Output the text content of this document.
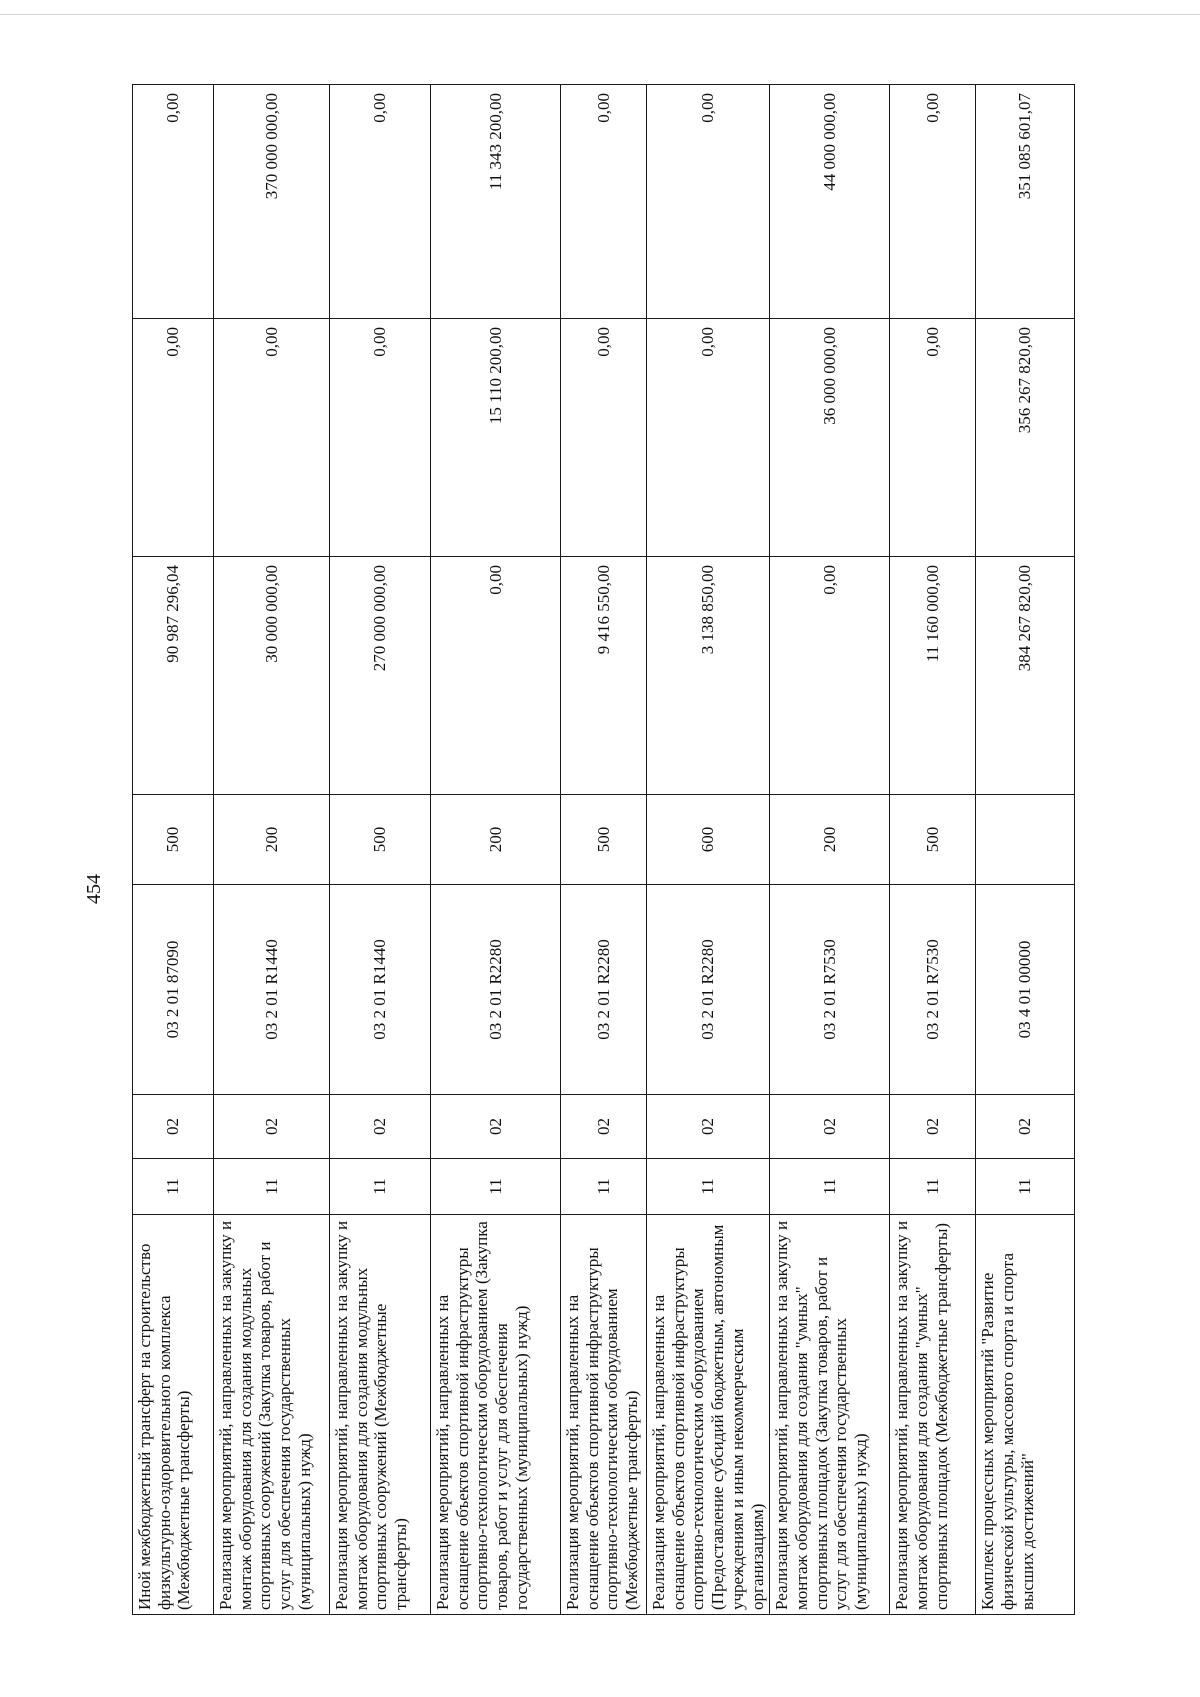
454
Иной межбюджетный трансферт на строительство физкультурно-оздоровительного комплекса (Межбюджетные трансферты)	11	02	03 2 01 87090	500	90 987 296,04	0,00	0,00
Реализация мероприятий, направленных на закупку и монтаж оборудования для создания модульных спортивных сооружений (Закупка товаров, работ и услуг для обеспечения государственных (муниципальных) нужд)	11	02	03 2 01 R1440	200	30 000 000,00	0,00	370 000 000,00
Реализация мероприятий, направленных на закупку и монтаж оборудования для создания модульных спортивных сооружений (Межбюджетные трансферты)	11	02	03 2 01 R1440	500	270 000 000,00	0,00	0,00
Реализация мероприятий, направленных на оснащение объектов спортивной инфраструктуры спортивно-технологическим оборудованием (Закупка товаров, работ и услуг для обеспечения государственных (муниципальных) нужд)	11	02	03 2 01 R2280	200	0,00	15 110 200,00	11 343 200,00
Реализация мероприятий, направленных на оснащение объектов спортивной инфраструктуры спортивно-технологическим оборудованием (Межбюджетные трансферты)	11	02	03 2 01 R2280	500	9 416 550,00	0,00	0,00
Реализация мероприятий, направленных на оснащение объектов спортивной инфраструктуры спортивно-технологическим оборудованием (Предоставление субсидий бюджетным, автономным учреждениям и иным некоммерческим организациям)	11	02	03 2 01 R2280	600	3 138 850,00	0,00	0,00
Реализация мероприятий, направленных на закупку и монтаж оборудования для создания "умных" спортивных площадок (Закупка товаров, работ и услуг для обеспечения государственных (муниципальных) нужд)	11	02	03 2 01 R7530	200	0,00	36 000 000,00	44 000 000,00
Реализация мероприятий, направленных на закупку и монтаж оборудования для создания "умных" спортивных площадок (Межбюджетные трансферты)	11	02	03 2 01 R7530	500	11 160 000,00	0,00	0,00
Комплекс процессных мероприятий "Развитие физической культуры, массового спорта и спорта высших достижений"	11	02	03 4 01 00000		384 267 820,00	356 267 820,00	351 085 601,07
